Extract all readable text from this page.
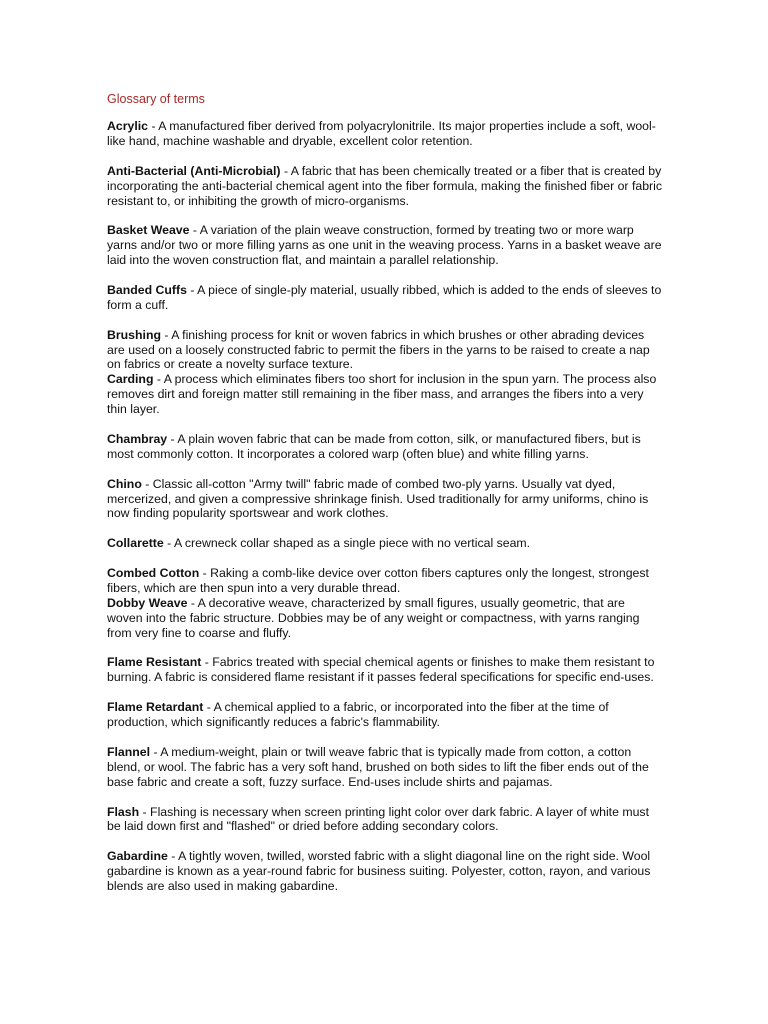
Glossary of terms

Acrylic - A manufactured fiber derived from polyacrylonitrile. Its major properties include a soft, wool-like hand, machine washable and dryable, excellent color retention.

Anti-Bacterial (Anti-Microbial) - A fabric that has been chemically treated or a fiber that is created by incorporating the anti-bacterial chemical agent into the fiber formula, making the finished fiber or fabric resistant to, or inhibiting the growth of micro-organisms.

Basket Weave - A variation of the plain weave construction, formed by treating two or more warp yarns and/or two or more filling yarns as one unit in the weaving process. Yarns in a basket weave are laid into the woven construction flat, and maintain a parallel relationship.

Banded Cuffs - A piece of single-ply material, usually ribbed, which is added to the ends of sleeves to form a cuff.

Brushing - A finishing process for knit or woven fabrics in which brushes or other abrading devices are used on a loosely constructed fabric to permit the fibers in the yarns to be raised to create a nap on fabrics or create a novelty surface texture.

Carding - A process which eliminates fibers too short for inclusion in the spun yarn. The process also removes dirt and foreign matter still remaining in the fiber mass, and arranges the fibers into a very thin layer.

Chambray - A plain woven fabric that can be made from cotton, silk, or manufactured fibers, but is most commonly cotton. It incorporates a colored warp (often blue) and white filling yarns.

Chino - Classic all-cotton "Army twill" fabric made of combed two-ply yarns. Usually vat dyed, mercerized, and given a compressive shrinkage finish. Used traditionally for army uniforms, chino is now finding popularity sportswear and work clothes.

Collarette - A crewneck collar shaped as a single piece with no vertical seam.

Combed Cotton - Raking a comb-like device over cotton fibers captures only the longest, strongest fibers, which are then spun into a very durable thread.

Dobby Weave - A decorative weave, characterized by small figures, usually geometric, that are woven into the fabric structure. Dobbies may be of any weight or compactness, with yarns ranging from very fine to coarse and fluffy.

Flame Resistant - Fabrics treated with special chemical agents or finishes to make them resistant to burning. A fabric is considered flame resistant if it passes federal specifications for specific end-uses.

Flame Retardant - A chemical applied to a fabric, or incorporated into the fiber at the time of production, which significantly reduces a fabric's flammability.

Flannel - A medium-weight, plain or twill weave fabric that is typically made from cotton, a cotton blend, or wool. The fabric has a very soft hand, brushed on both sides to lift the fiber ends out of the base fabric and create a soft, fuzzy surface. End-uses include shirts and pajamas.

Flash - Flashing is necessary when screen printing light color over dark fabric. A layer of white must be laid down first and "flashed" or dried before adding secondary colors.

Gabardine - A tightly woven, twilled, worsted fabric with a slight diagonal line on the right side. Wool gabardine is known as a year-round fabric for business suiting. Polyester, cotton, rayon, and various blends are also used in making gabardine.
